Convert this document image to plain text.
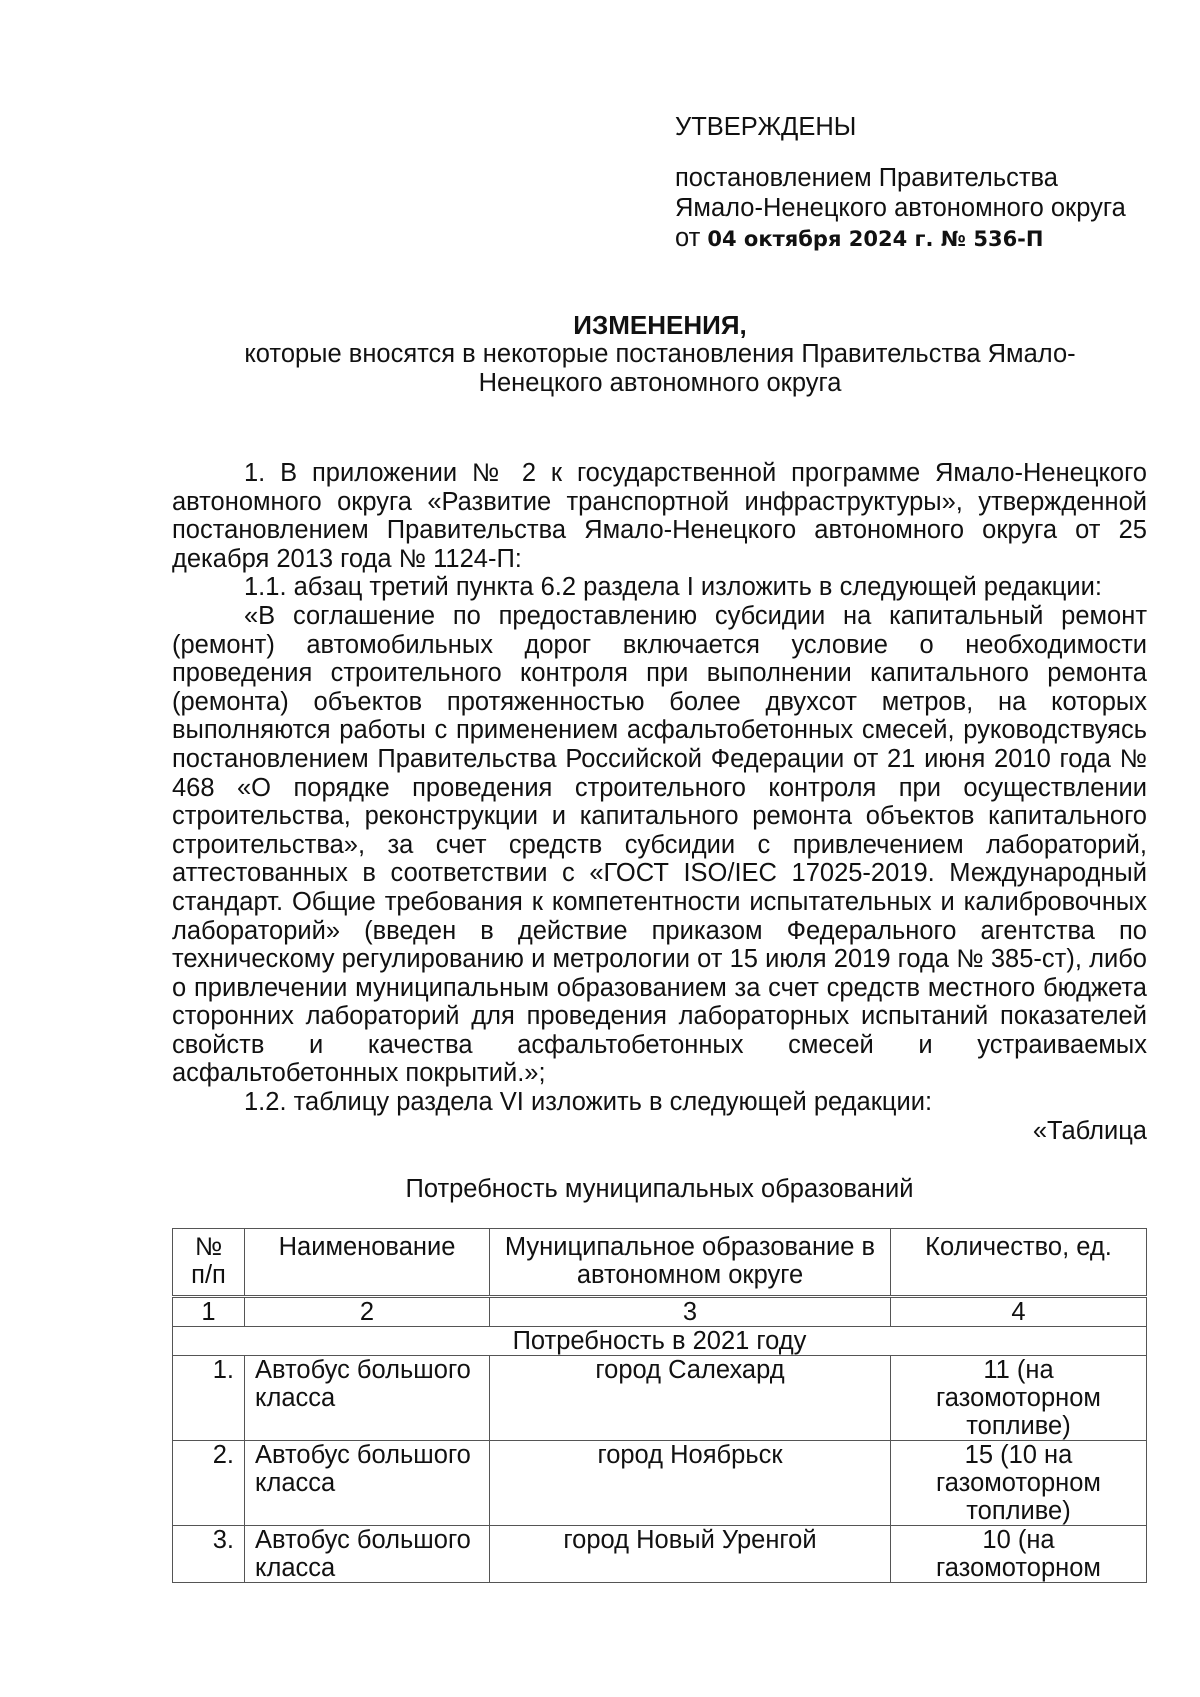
УТВЕРЖДЕНЫ
постановлением Правительства
Ямало-Ненецкого автономного округа
от 04 октября 2024 г. № 536-П
ИЗМЕНЕНИЯ,
которые вносятся в некоторые постановления Правительства Ямало-
Ненецкого автономного округа

1. В приложении № 2 к государственной программе Ямало-Ненецкого автономного округа «Развитие транспортной инфраструктуры», утвержденной постановлением Правительства Ямало-Ненецкого автономного округа от 25 декабря 2013 года № 1124-П:

1.1. абзац третий пункта 6.2 раздела I изложить в следующей редакции:

«В соглашение по предоставлению субсидии на капитальный ремонт (ремонт) автомобильных дорог включается условие о необходимости проведения строительного контроля при выполнении капитального ремонта (ремонта) объектов протяженностью более двухсот метров, на которых выполняются работы с применением асфальтобетонных смесей, руководствуясь постановлением Правительства Российской Федерации от 21 июня 2010 года № 468 «О порядке проведения строительного контроля при осуществлении строительства, реконструкции и капитального ремонта объектов капитального строительства», за счет средств субсидии с привлечением лабораторий, аттестованных в соответствии с «ГОСТ ISO/IEC 17025-2019. Международный стандарт. Общие требования к компетентности испытательных и калибровочных лабораторий» (введен в действие приказом Федерального агентства по техническому регулированию и метрологии от 15 июля 2019 года № 385-ст), либо о привлечении муниципальным образованием за счет средств местного бюджета сторонних лабораторий для проведения лабораторных испытаний показателей свойств и качества асфальтобетонных смесей и устраиваемых асфальтобетонных покрытий.»;

1.2. таблицу раздела VI изложить в следующей редакции:

«Таблица

Потребность муниципальных образований
№ п/п	Наименование	Муниципальное образование в автономном округе	Количество, ед.
1	2	3	4
Потребность в 2021 году			
1.	Автобус большого класса	город Салехард	11 (на газомоторном топливе)
2.	Автобус большого класса	город Ноябрьск	15 (10 на газомоторном топливе)
3.	Автобус большого класса	город Новый Уренгой	10 (на газомоторном
